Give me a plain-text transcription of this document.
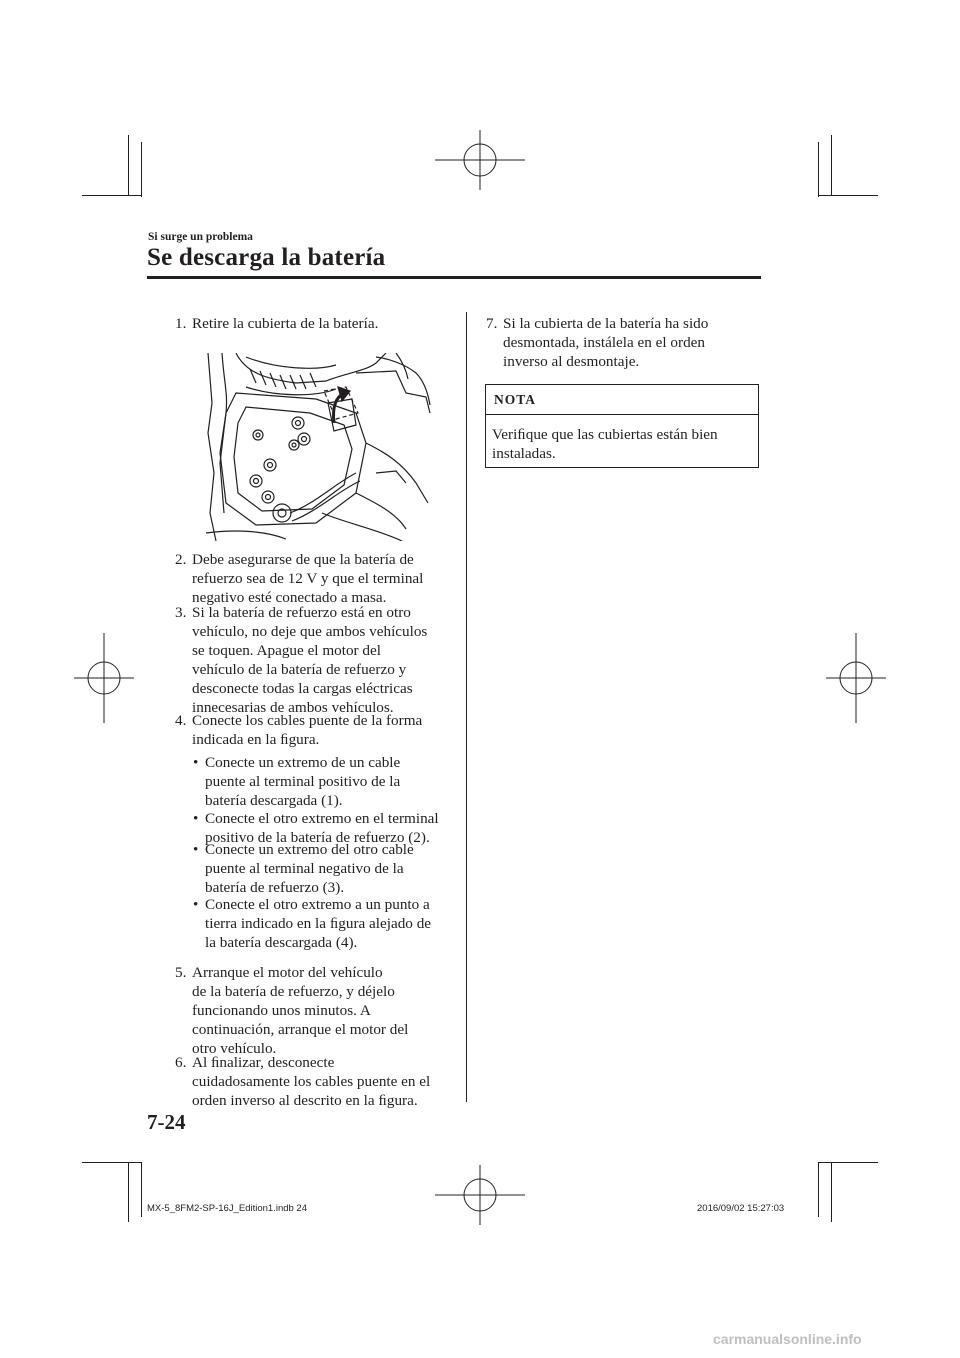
Si surge un problema
Se descarga la batería
1. Retire la cubierta de la batería.
2. Debe asegurarse de que la batería de
refuerzo sea de 12 V y que el terminal
negativo esté conectado a masa.
3. Si la batería de refuerzo está en otro
vehículo, no deje que ambos vehículos
se toquen. Apague el motor del
vehículo de la batería de refuerzo y
desconecte todas la cargas eléctricas
innecesarias de ambos vehículos.
4. Conecte los cables puente de la forma
indicada en la ﬁgura.
• Conecte un extremo de un cable
puente al terminal positivo de la
batería descargada (1).
• Conecte el otro extremo en el terminal
positivo de la batería de refuerzo (2).
• Conecte un extremo del otro cable
puente al terminal negativo de la
batería de refuerzo (3).
• Conecte el otro extremo a un punto a
tierra indicado en la ﬁgura alejado de
la batería descargada (4).
5. Arranque el motor del vehículo
de la batería de refuerzo, y déjelo
funcionando unos minutos. A
continuación, arranque el motor del
otro vehículo.
6. Al ﬁnalizar, desconecte
cuidadosamente los cables puente en el
orden inverso al descrito en la ﬁgura.
7. Si la cubierta de la batería ha sido
desmontada, instálela en el orden
inverso al desmontaje.
NOTA
Veriﬁque que las cubiertas están bien
instaladas.
7-24
MX-5_8FM2-SP-16J_Edition1.indb 24	2016/09/02 15:27:03
carmanualsonline.info
